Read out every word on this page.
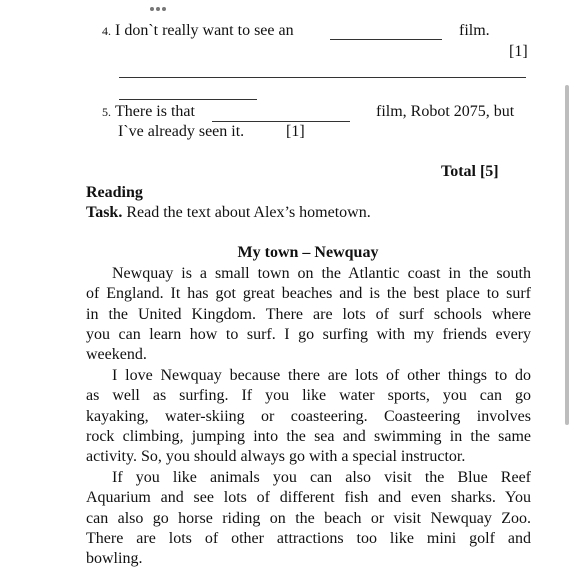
4. I don`t really want to see an	film.
[1]
5. There is that	film, Robot 2075, but
I`ve already seen it.	[1]
Total [5]
Reading
Task. Read the text about Alex’s hometown.
My town – Newquay
Newquay is a small town on the Atlantic coast in the south
of England. It has got great beaches and is the best place to surf
in the United Kingdom. There are lots of surf schools where
you can learn how to surf. I go surfing with my friends every
weekend.
I love Newquay because there are lots of other things to do
as well as surfing. If you like water sports, you can go
kayaking, water-skiing or coasteering. Coasteering involves
rock climbing, jumping into the sea and swimming in the same
activity. So, you should always go with a special instructor.
If you like animals you can also visit the Blue Reef
Aquarium and see lots of different fish and even sharks. You
can also go horse riding on the beach or visit Newquay Zoo.
There are lots of other attractions too like mini golf and
bowling.
